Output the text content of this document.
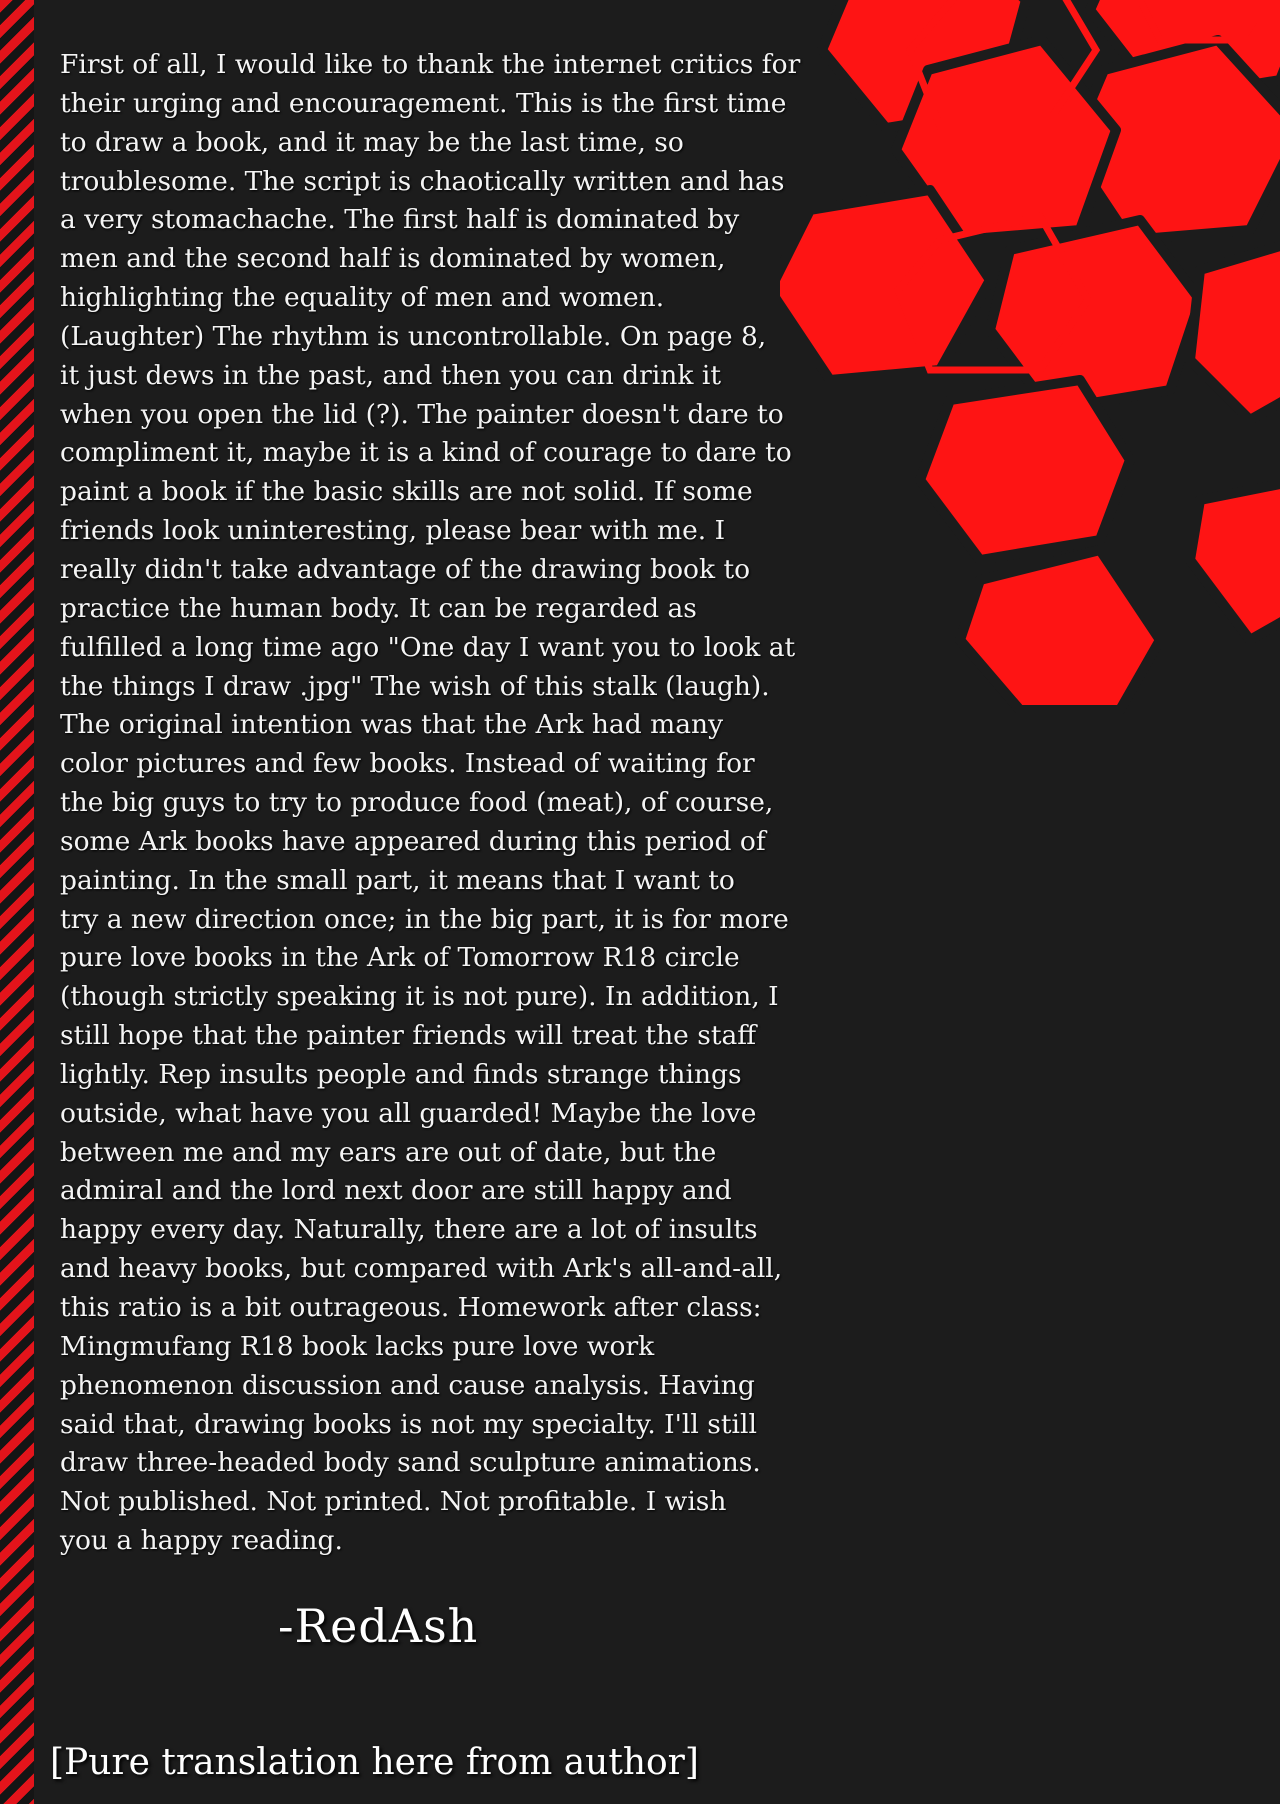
First of all, I would like to thank the internet critics for
their urging and encouragement. This is the first time
to draw a book, and it may be the last time, so
troublesome. The script is chaotically written and has
a very stomachache. The first half is dominated by
men and the second half is dominated by women,
highlighting the equality of men and women.
(Laughter) The rhythm is uncontrollable. On page 8,
it just dews in the past, and then you can drink it
when you open the lid (?). The painter doesn't dare to
compliment it, maybe it is a kind of courage to dare to
paint a book if the basic skills are not solid. If some
friends look uninteresting, please bear with me. I
really didn't take advantage of the drawing book to
practice the human body. It can be regarded as
fulfilled a long time ago "One day I want you to look at
the things I draw .jpg" The wish of this stalk (laugh).
The original intention was that the Ark had many
color pictures and few books. Instead of waiting for
the big guys to try to produce food (meat), of course,
some Ark books have appeared during this period of
painting. In the small part, it means that I want to
try a new direction once; in the big part, it is for more
pure love books in the Ark of Tomorrow R18 circle
(though strictly speaking it is not pure). In addition, I
still hope that the painter friends will treat the staff
lightly. Rep insults people and finds strange things
outside, what have you all guarded! Maybe the love
between me and my ears are out of date, but the
admiral and the lord next door are still happy and
happy every day. Naturally, there are a lot of insults
and heavy books, but compared with Ark's all-and-all,
this ratio is a bit outrageous. Homework after class:
Mingmufang R18 book lacks pure love work
phenomenon discussion and cause analysis. Having
said that, drawing books is not my specialty. I'll still
draw three-headed body sand sculpture animations.
Not published. Not printed. Not profitable. I wish
you a happy reading.

-RedAsh

[Pure translation here from author]
